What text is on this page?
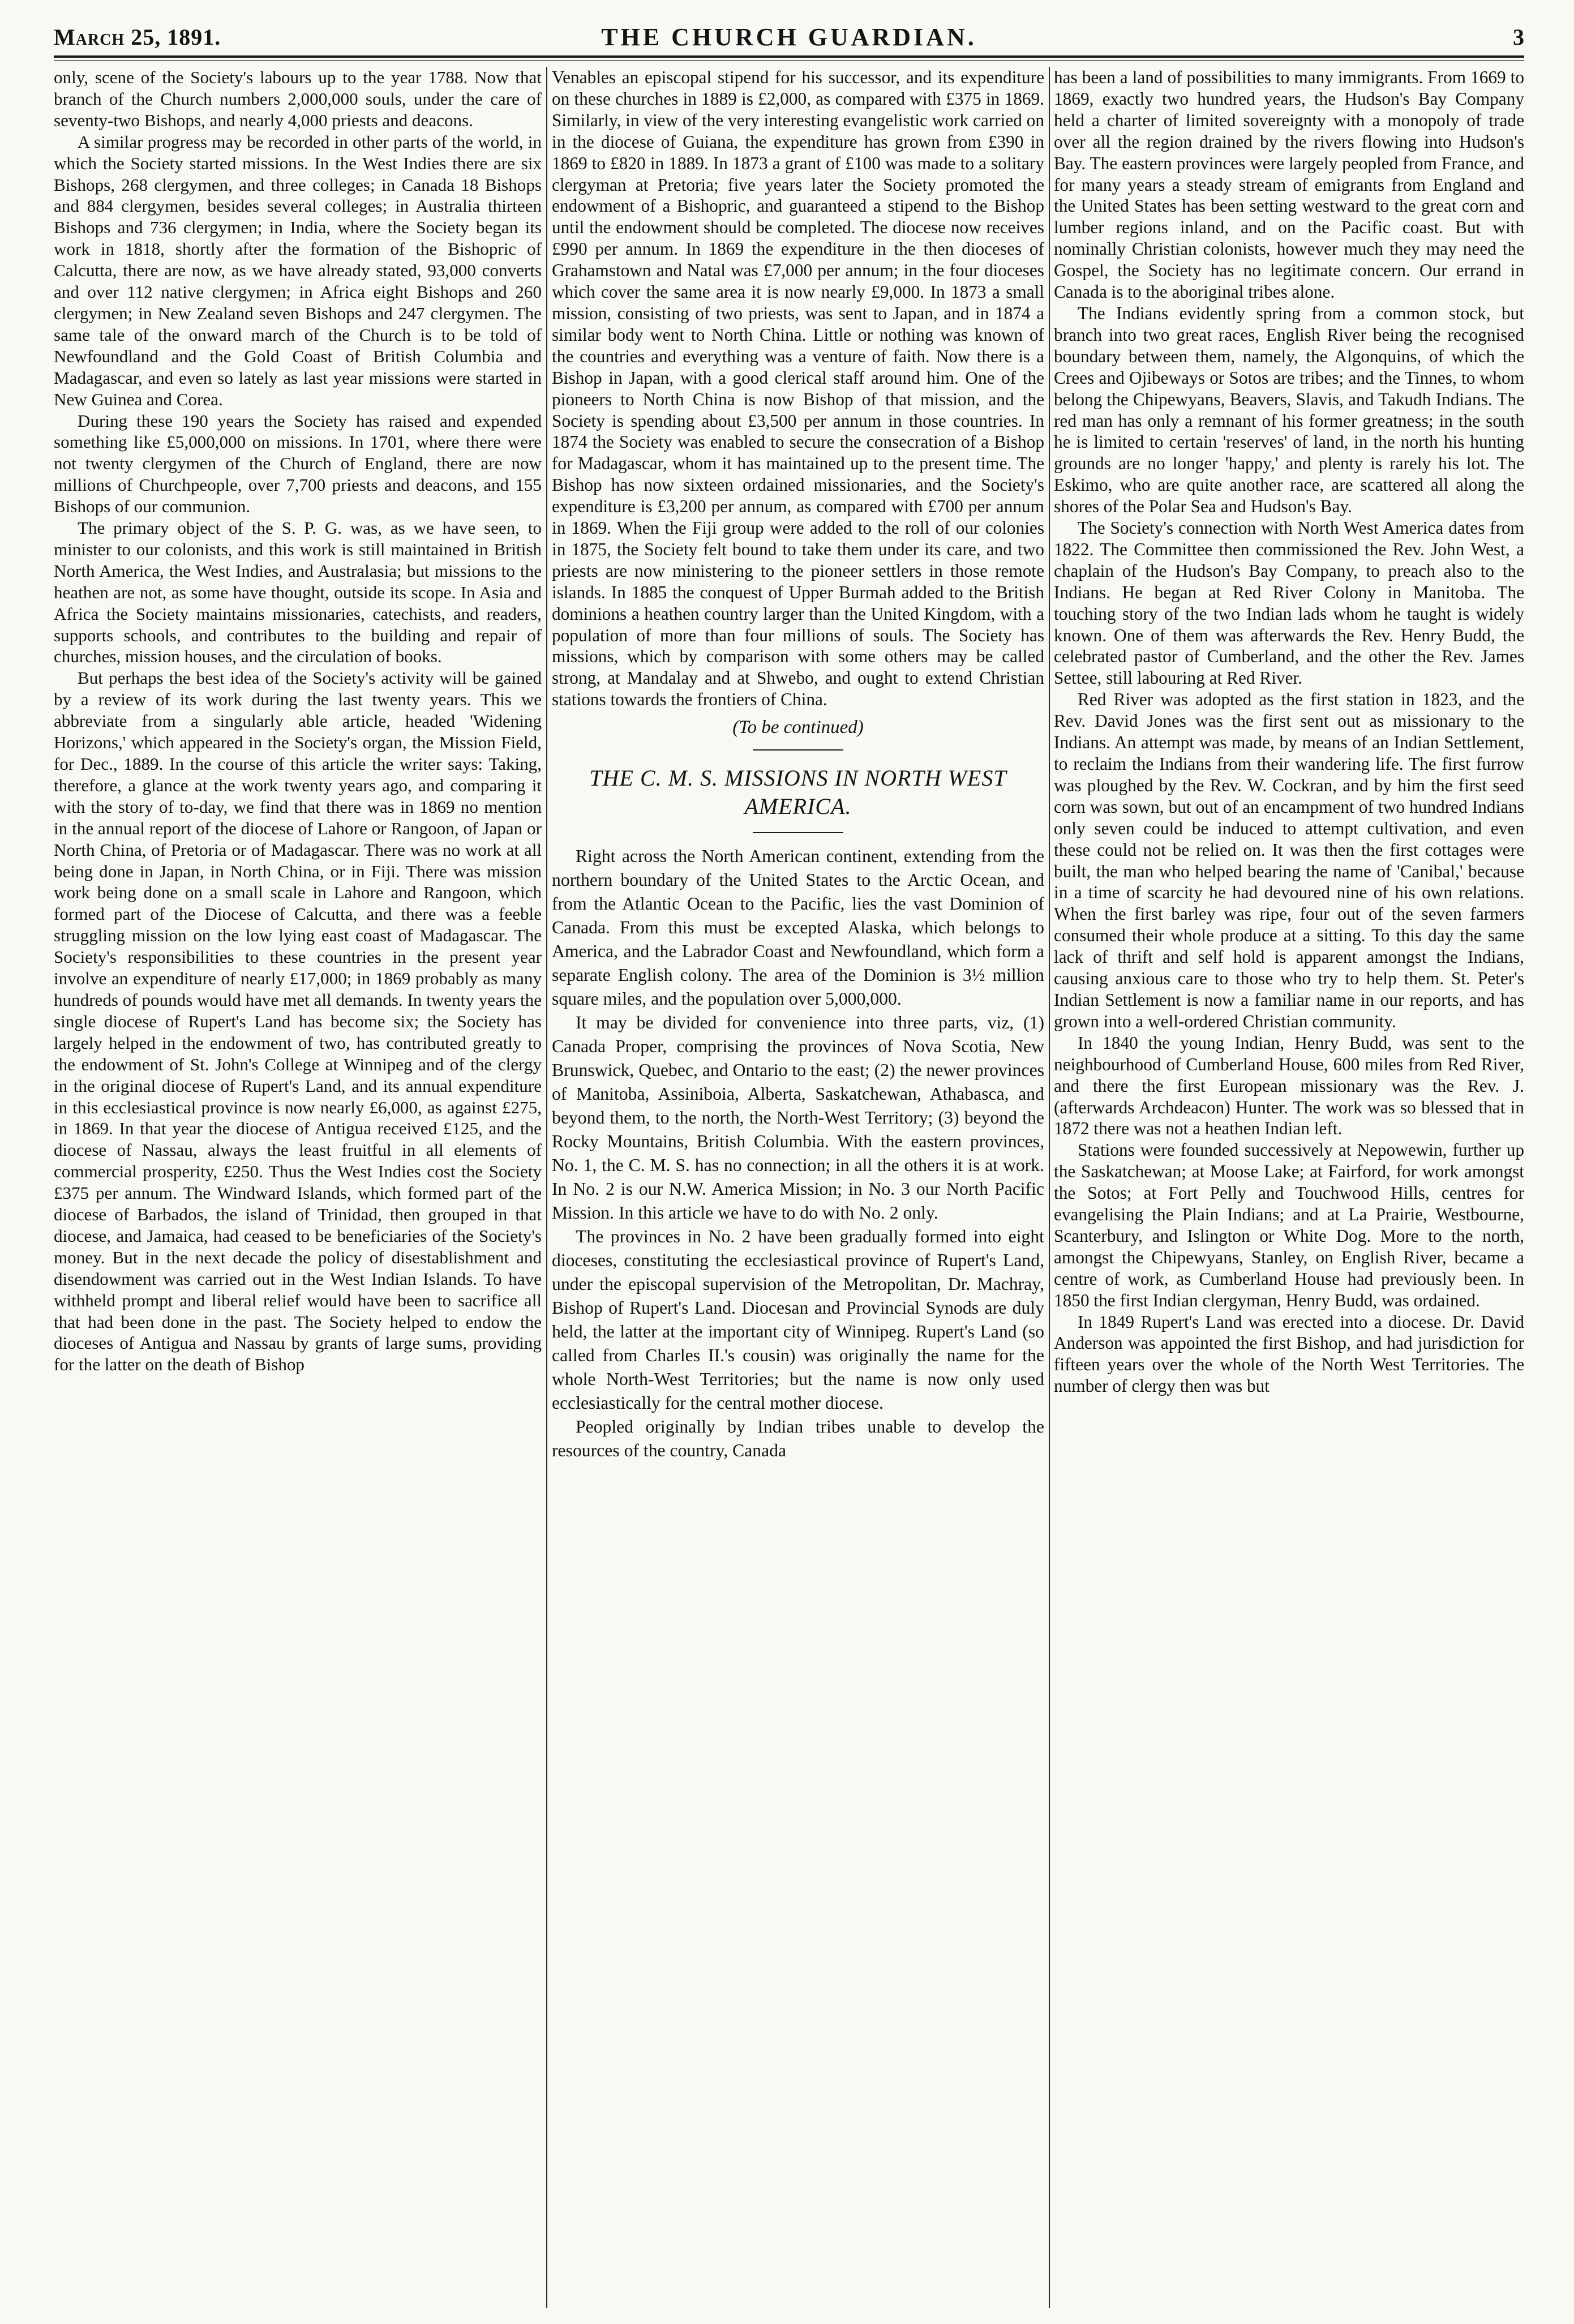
March 25, 1891.	THE CHURCH GUARDIAN.	3

only, scene of the Society's labours up to the year 1788. Now that branch of the Church numbers 2,000,000 souls, under the care of seventy-two Bishops, and nearly 4,000 priests and deacons.

A similar progress may be recorded in other parts of the world, in which the Society started missions. In the West Indies there are six Bishops, 268 clergymen, and three colleges; in Canada 18 Bishops and 884 clergymen, besides several colleges; in Australia thirteen Bishops and 736 clergymen; in India, where the Society began its work in 1818, shortly after the formation of the Bishopric of Calcutta, there are now, as we have already stated, 93,000 converts and over 112 native clergymen; in Africa eight Bishops and 260 clergymen; in New Zealand seven Bishops and 247 clergymen. The same tale of the onward march of the Church is to be told of Newfoundland and the Gold Coast of British Columbia and Madagascar, and even so lately as last year missions were started in New Guinea and Corea.

During these 190 years the Society has raised and expended something like £5,000,000 on missions. In 1701, where there were not twenty clergymen of the Church of England, there are now millions of Churchpeople, over 7,700 priests and deacons, and 155 Bishops of our communion.

The primary object of the S. P. G. was, as we have seen, to minister to our colonists, and this work is still maintained in British North America, the West Indies, and Australasia; but missions to the heathen are not, as some have thought, outside its scope. In Asia and Africa the Society maintains missionaries, catechists, and readers, supports schools, and contributes to the building and repair of churches, mission houses, and the circulation of books.

But perhaps the best idea of the Society's activity will be gained by a review of its work during the last twenty years. This we abbreviate from a singularly able article, headed 'Widening Horizons,' which appeared in the Society's organ, the Mission Field, for Dec., 1889. In the course of this article the writer says: Taking, therefore, a glance at the work twenty years ago, and comparing it with the story of to-day, we find that there was in 1869 no mention in the annual report of the diocese of Lahore or Rangoon, of Japan or North China, of Pretoria or of Madagascar. There was no work at all being done in Japan, in North China, or in Fiji. There was mission work being done on a small scale in Lahore and Rangoon, which formed part of the Diocese of Calcutta, and there was a feeble struggling mission on the low lying east coast of Madagascar. The Society's responsibilities to these countries in the present year involve an expenditure of nearly £17,000; in 1869 probably as many hundreds of pounds would have met all demands. In twenty years the single diocese of Rupert's Land has become six; the Society has largely helped in the endowment of two, has contributed greatly to the endowment of St. John's College at Winnipeg and of the clergy in the original diocese of Rupert's Land, and its annual expenditure in this ecclesiastical province is now nearly £6,000, as against £275, in 1869. In that year the diocese of Antigua received £125, and the diocese of Nassau, always the least fruitful in all elements of commercial prosperity, £250. Thus the West Indies cost the Society £375 per annum. The Windward Islands, which formed part of the diocese of Barbados, the island of Trinidad, then grouped in that diocese, and Jamaica, had ceased to be beneficiaries of the Society's money. But in the next decade the policy of disestablishment and disendowment was carried out in the West Indian Islands. To have withheld prompt and liberal relief would have been to sacrifice all that had been done in the past. The Society helped to endow the dioceses of Antigua and Nassau by grants of large sums, providing for the latter on the death of Bishop

Venables an episcopal stipend for his successor, and its expenditure on these churches in 1889 is £2,000, as compared with £375 in 1869. Similarly, in view of the very interesting evangelistic work carried on in the diocese of Guiana, the expenditure has grown from £390 in 1869 to £820 in 1889. In 1873 a grant of £100 was made to a solitary clergyman at Pretoria; five years later the Society promoted the endowment of a Bishopric, and guaranteed a stipend to the Bishop until the endowment should be completed. The diocese now receives £990 per annum. In 1869 the expenditure in the then dioceses of Grahamstown and Natal was £7,000 per annum; in the four dioceses which cover the same area it is now nearly £9,000. In 1873 a small mission, consisting of two priests, was sent to Japan, and in 1874 a similar body went to North China. Little or nothing was known of the countries and everything was a venture of faith. Now there is a Bishop in Japan, with a good clerical staff around him. One of the pioneers to North China is now Bishop of that mission, and the Society is spending about £3,500 per annum in those countries. In 1874 the Society was enabled to secure the consecration of a Bishop for Madagascar, whom it has maintained up to the present time. The Bishop has now sixteen ordained missionaries, and the Society's expenditure is £3,200 per annum, as compared with £700 per annum in 1869. When the Fiji group were added to the roll of our colonies in 1875, the Society felt bound to take them under its care, and two priests are now ministering to the pioneer settlers in those remote islands. In 1885 the conquest of Upper Burmah added to the British dominions a heathen country larger than the United Kingdom, with a population of more than four millions of souls. The Society has missions, which by comparison with some others may be called strong, at Mandalay and at Shwebo, and ought to extend Christian stations towards the frontiers of China.

(To be continued)
THE C. M. S. MISSIONS IN NORTH WEST AMERICA.

Right across the North American continent, extending from the northern boundary of the United States to the Arctic Ocean, and from the Atlantic Ocean to the Pacific, lies the vast Dominion of Canada. From this must be excepted Alaska, which belongs to America, and the Labrador Coast and Newfoundland, which form a separate English colony. The area of the Dominion is 3½ million square miles, and the population over 5,000,000.

It may be divided for convenience into three parts, viz, (1) Canada Proper, comprising the provinces of Nova Scotia, New Brunswick, Quebec, and Ontario to the east; (2) the newer provinces of Manitoba, Assiniboia, Alberta, Saskatchewan, Athabasca, and beyond them, to the north, the North-West Territory; (3) beyond the Rocky Mountains, British Columbia. With the eastern provinces, No. 1, the C. M. S. has no connection; in all the others it is at work. In No. 2 is our N.W. America Mission; in No. 3 our North Pacific Mission. In this article we have to do with No. 2 only.

The provinces in No. 2 have been gradually formed into eight dioceses, constituting the ecclesiastical province of Rupert's Land, under the episcopal supervision of the Metropolitan, Dr. Machray, Bishop of Rupert's Land. Diocesan and Provincial Synods are duly held, the latter at the important city of Winnipeg. Rupert's Land (so called from Charles II.'s cousin) was originally the name for the whole North-West Territories; but the name is now only used ecclesiastically for the central mother diocese.

Peopled originally by Indian tribes unable to develop the resources of the country, Canada

has been a land of possibilities to many immigrants. From 1669 to 1869, exactly two hundred years, the Hudson's Bay Company held a charter of limited sovereignty with a monopoly of trade over all the region drained by the rivers flowing into Hudson's Bay. The eastern provinces were largely peopled from France, and for many years a steady stream of emigrants from England and the United States has been setting westward to the great corn and lumber regions inland, and on the Pacific coast. But with nominally Christian colonists, however much they may need the Gospel, the Society has no legitimate concern. Our errand in Canada is to the aboriginal tribes alone.

The Indians evidently spring from a common stock, but branch into two great races, English River being the recognised boundary between them, namely, the Algonquins, of which the Crees and Ojibeways or Sotos are tribes; and the Tinnes, to whom belong the Chipewyans, Beavers, Slavis, and Takudh Indians. The red man has only a remnant of his former greatness; in the south he is limited to certain 'reserves' of land, in the north his hunting grounds are no longer 'happy,' and plenty is rarely his lot. The Eskimo, who are quite another race, are scattered all along the shores of the Polar Sea and Hudson's Bay.

The Society's connection with North West America dates from 1822. The Committee then commissioned the Rev. John West, a chaplain of the Hudson's Bay Company, to preach also to the Indians. He began at Red River Colony in Manitoba. The touching story of the two Indian lads whom he taught is widely known. One of them was afterwards the Rev. Henry Budd, the celebrated pastor of Cumberland, and the other the Rev. James Settee, still labouring at Red River.

Red River was adopted as the first station in 1823, and the Rev. David Jones was the first sent out as missionary to the Indians. An attempt was made, by means of an Indian Settlement, to reclaim the Indians from their wandering life. The first furrow was ploughed by the Rev. W. Cockran, and by him the first seed corn was sown, but out of an encampment of two hundred Indians only seven could be induced to attempt cultivation, and even these could not be relied on. It was then the first cottages were built, the man who helped bearing the name of 'Canibal,' because in a time of scarcity he had devoured nine of his own relations. When the first barley was ripe, four out of the seven farmers consumed their whole produce at a sitting. To this day the same lack of thrift and self hold is apparent amongst the Indians, causing anxious care to those who try to help them. St. Peter's Indian Settlement is now a familiar name in our reports, and has grown into a well-ordered Christian community.

In 1840 the young Indian, Henry Budd, was sent to the neighbourhood of Cumberland House, 600 miles from Red River, and there the first European missionary was the Rev. J. (afterwards Archdeacon) Hunter. The work was so blessed that in 1872 there was not a heathen Indian left.

Stations were founded successively at Nepowewin, further up the Saskatchewan; at Moose Lake; at Fairford, for work amongst the Sotos; at Fort Pelly and Touchwood Hills, centres for evangelising the Plain Indians; and at La Prairie, Westbourne, Scanterbury, and Islington or White Dog. More to the north, amongst the Chipewyans, Stanley, on English River, became a centre of work, as Cumberland House had previously been. In 1850 the first Indian clergyman, Henry Budd, was ordained.

In 1849 Rupert's Land was erected into a diocese. Dr. David Anderson was appointed the first Bishop, and had jurisdiction for fifteen years over the whole of the North West Territories. The number of clergy then was but
